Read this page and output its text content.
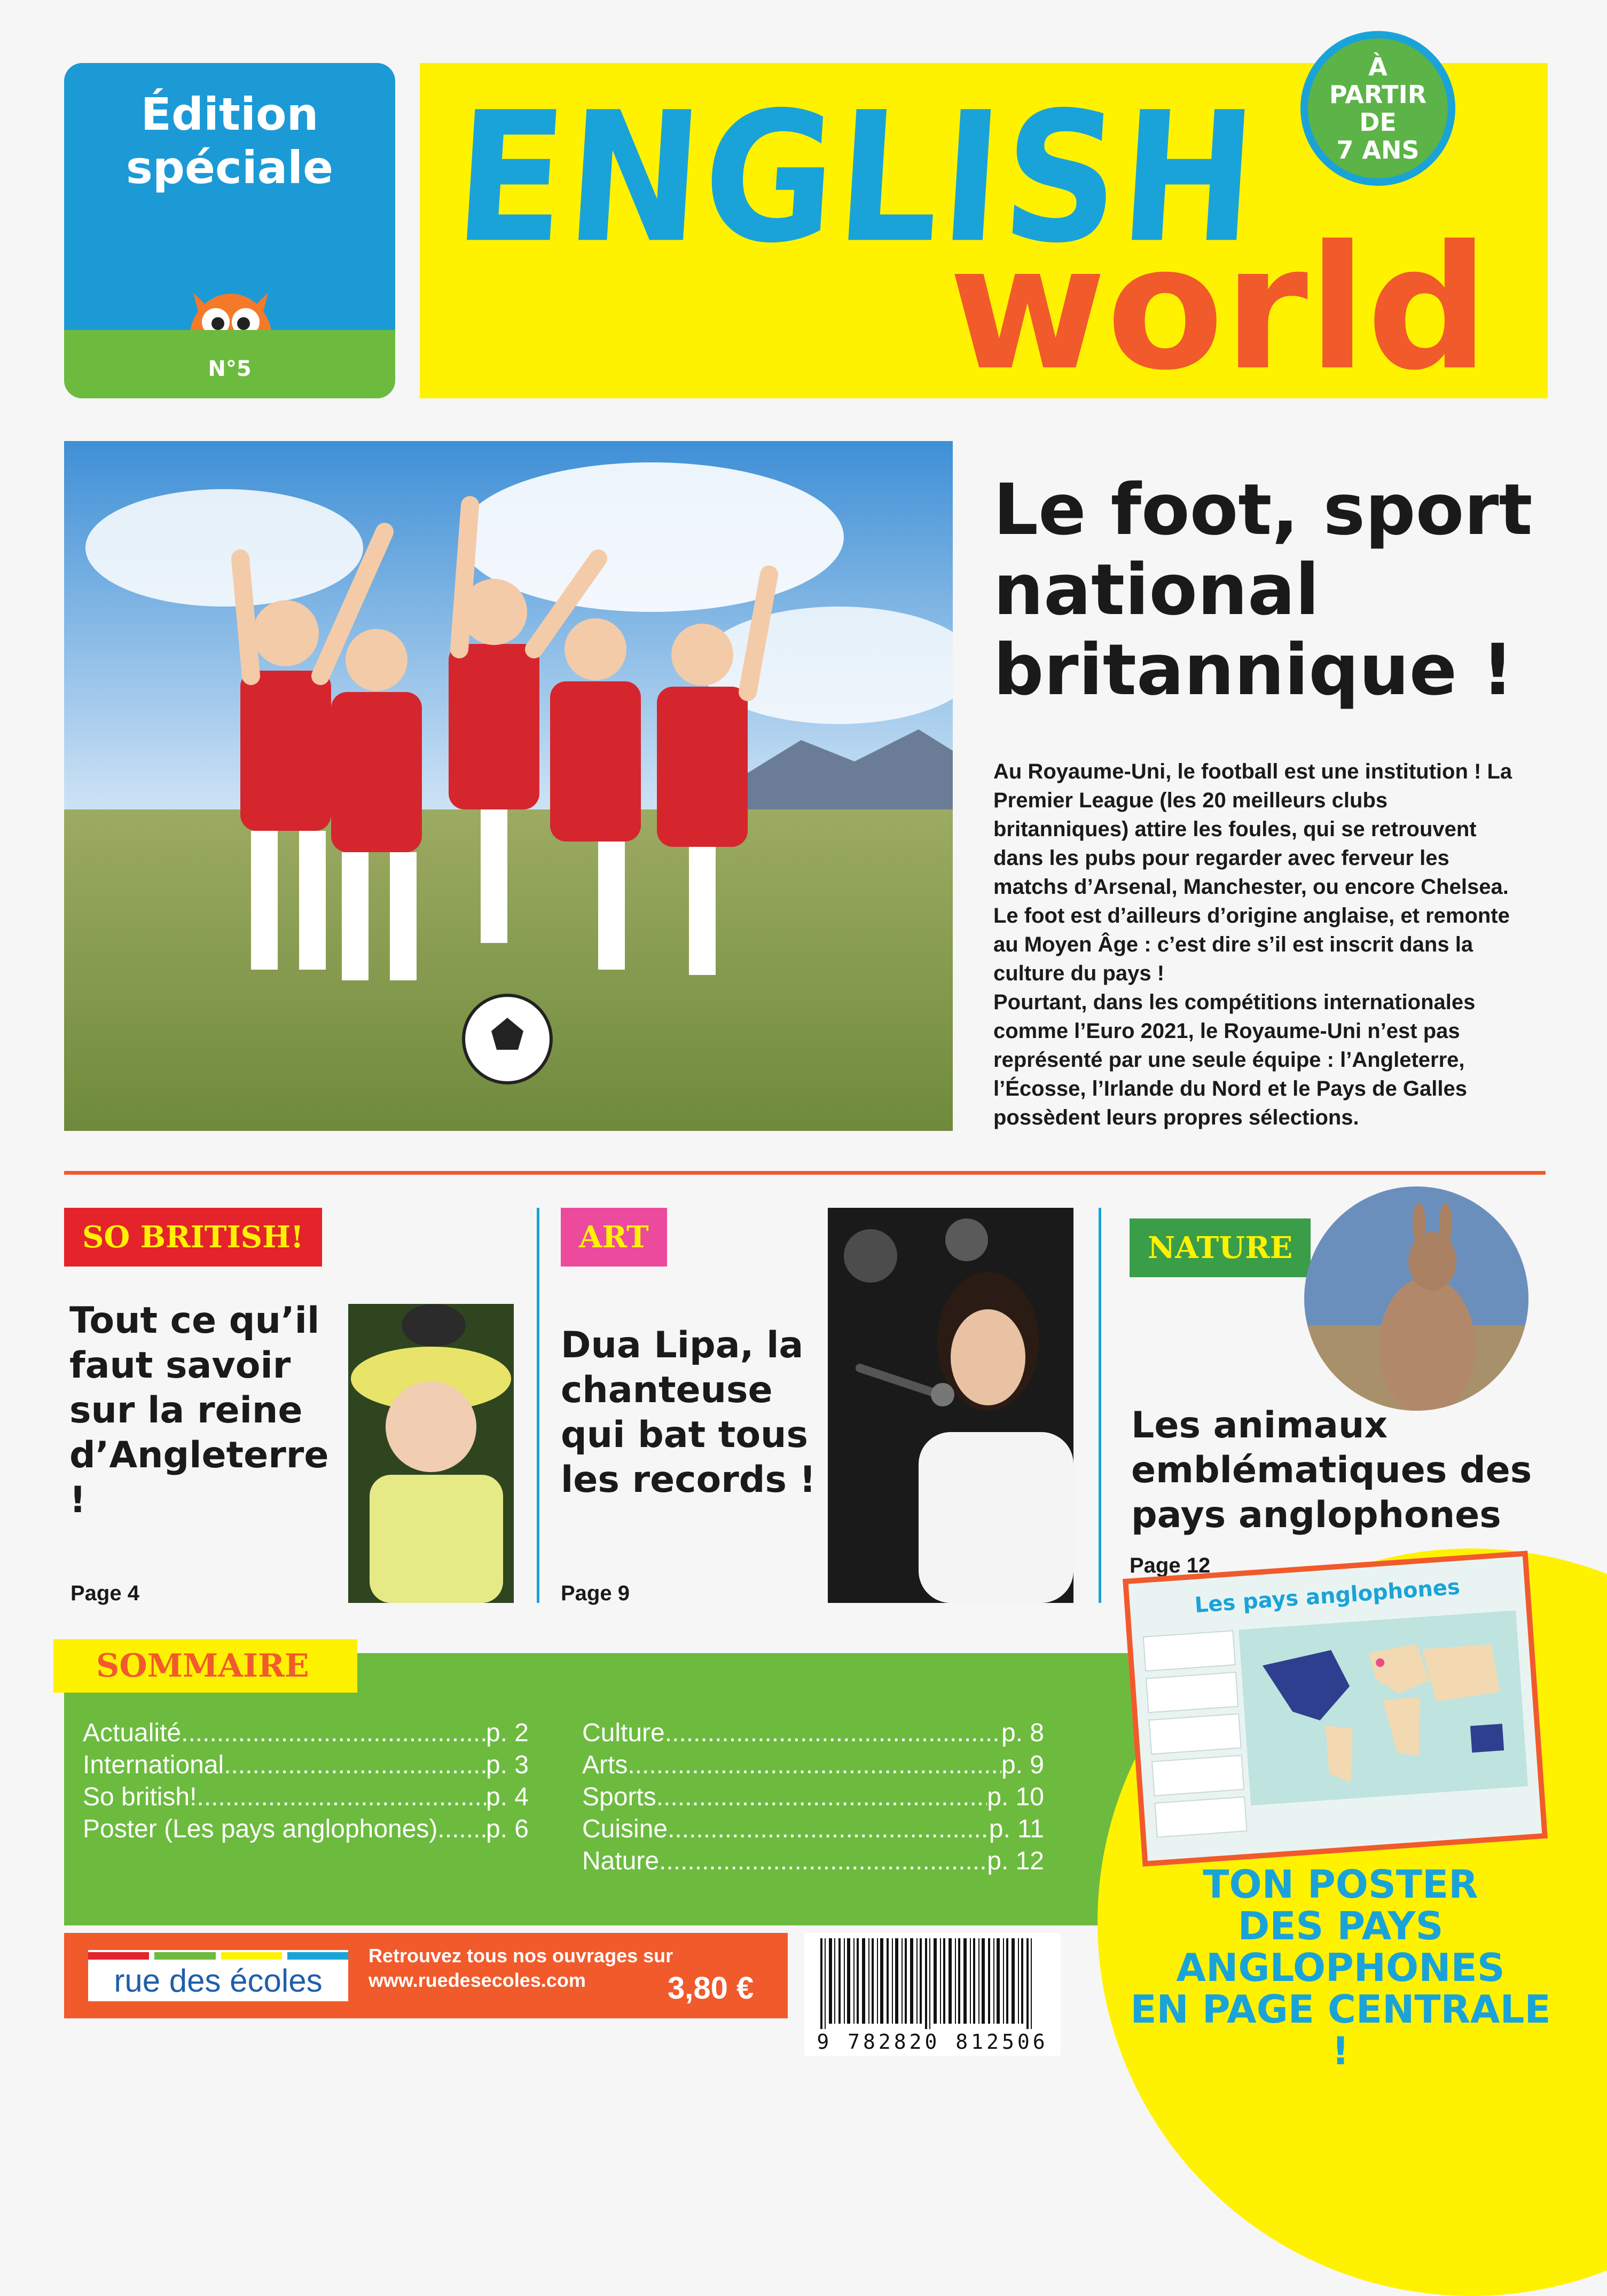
Édition
spéciale
N°5
ENGLISH
world
À
PARTIR
DE
7 ANS
Le foot, sport national britannique !

Au Royaume-Uni, le football est une institution ! La Premier League (les 20 meilleurs clubs britanniques) attire les foules, qui se retrouvent dans les pubs pour regarder avec ferveur les matchs d’Arsenal, Manchester, ou encore Chelsea. Le foot est d’ailleurs d’origine anglaise, et remonte au Moyen Âge : c’est dire s’il est inscrit dans la culture du pays !

Pourtant, dans les compétitions internationales comme l’Euro 2021, le Royaume-Uni n’est pas représenté par une seule équipe : l’Angleterre, l’Écosse, l’Irlande du Nord et le Pays de Galles possèdent leurs propres sélections.

SO BRITISH!
Tout ce qu’il faut savoir sur la reine d’Angleterre !
Page 4
ART
Dua Lipa, la chanteuse qui bat tous les records !
Page 9
NATURE
Les animaux emblématiques des pays anglophones
Page 12
Actualité .....	p. 2
International .....	p. 3
So british! .....	p. 4
Poster (Les pays anglophones) ..... p. 6
Culture .....	p. 8
Arts .....	p. 9
Sports .....	p. 10
Cuisine .....	p. 11
Nature .....	p. 12
SOMMAIRE
Les pays anglophones
TON POSTER
DES PAYS
ANGLOPHONES
EN PAGE CENTRALE !
rue des écoles
Retrouvez tous nos ouvrages sur
www.ruedesecoles.com	3,80 €
9 782820 812506
